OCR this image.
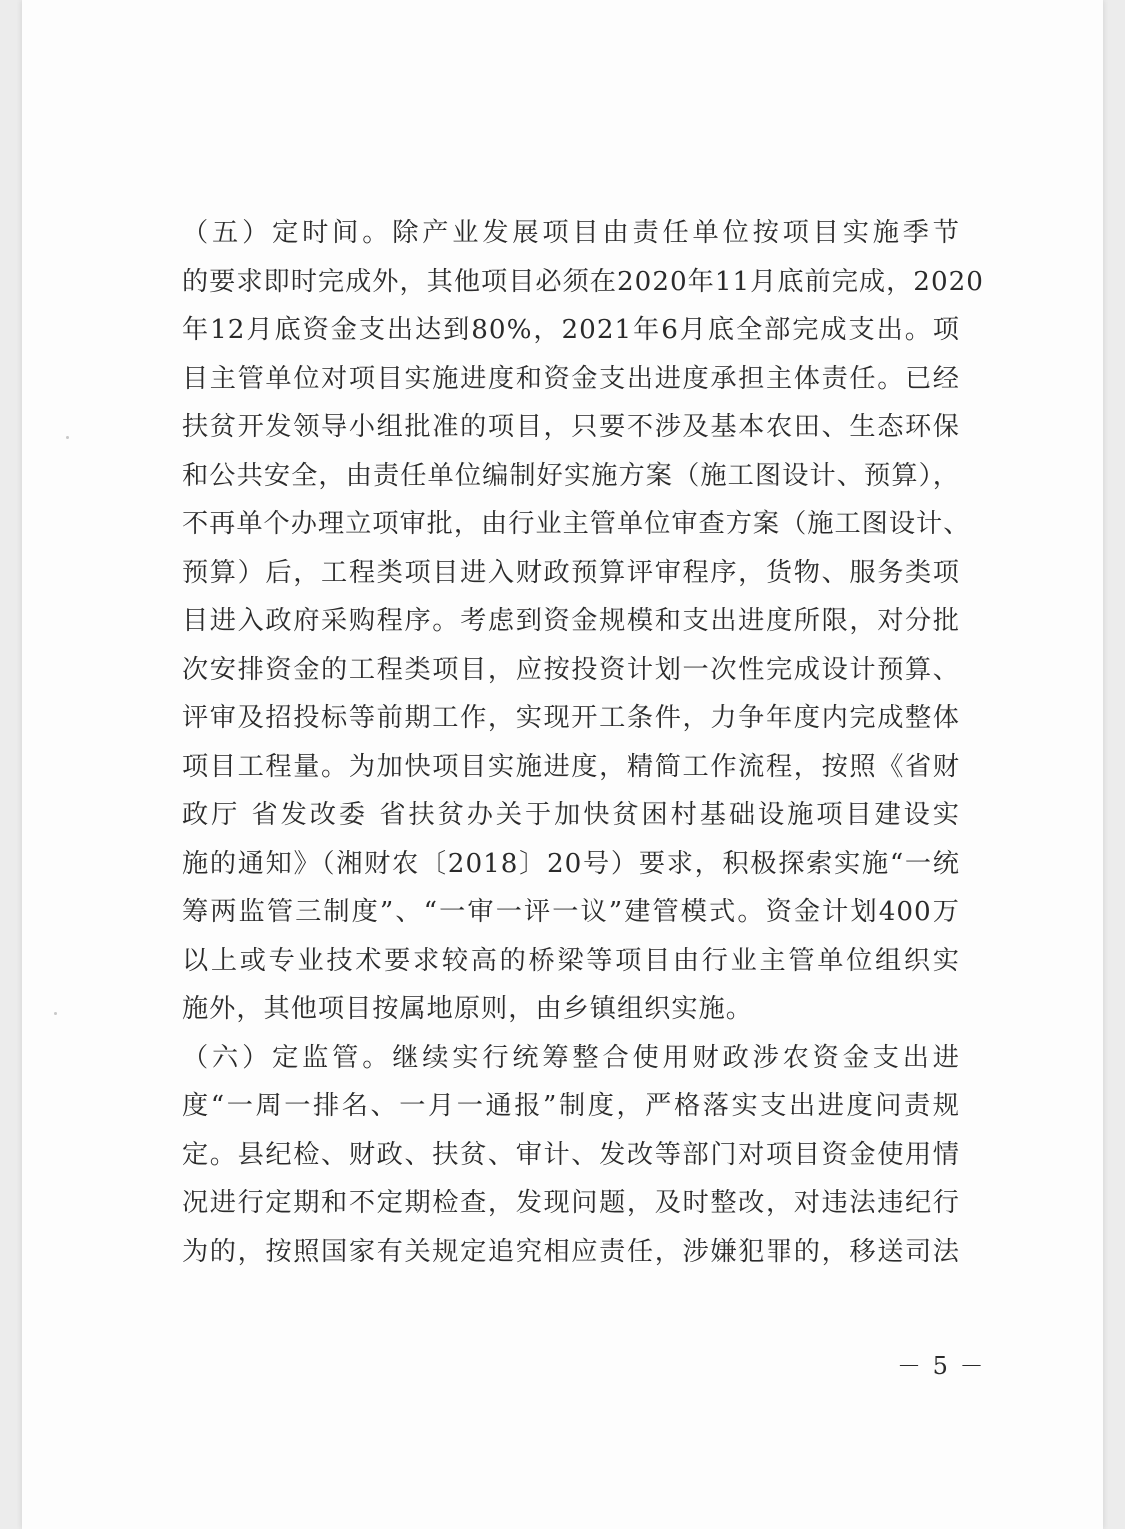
（五）定时间。除产业发展项目由责任单位按项目实施季节
的要求即时完成外，其他项目必须在2020年11月底前完成，2020
年12月底资金支出达到80%，2021年6月底全部完成支出。项
目主管单位对项目实施进度和资金支出进度承担主体责任。已经
扶贫开发领导小组批准的项目，只要不涉及基本农田、生态环保
和公共安全，由责任单位编制好实施方案（施工图设计、预算），
不再单个办理立项审批，由行业主管单位审查方案（施工图设计、
预算）后，工程类项目进入财政预算评审程序，货物、服务类项
目进入政府采购程序。考虑到资金规模和支出进度所限，对分批
次安排资金的工程类项目，应按投资计划一次性完成设计预算、
评审及招投标等前期工作，实现开工条件，力争年度内完成整体
项目工程量。为加快项目实施进度，精简工作流程，按照《省财
政厅 省发改委 省扶贫办关于加快贫困村基础设施项目建设实
施的通知》（湘财农〔2018〕20号）要求，积极探索实施“一统
筹两监管三制度”、“一审一评一议”建管模式。资金计划400万
以上或专业技术要求较高的桥梁等项目由行业主管单位组织实
施外，其他项目按属地原则，由乡镇组织实施。
（六）定监管。继续实行统筹整合使用财政涉农资金支出进
度“一周一排名、一月一通报”制度，严格落实支出进度问责规
定。县纪检、财政、扶贫、审计、发改等部门对项目资金使用情
况进行定期和不定期检查，发现问题，及时整改，对违法违纪行
为的，按照国家有关规定追究相应责任，涉嫌犯罪的，移送司法
－ 5 －
